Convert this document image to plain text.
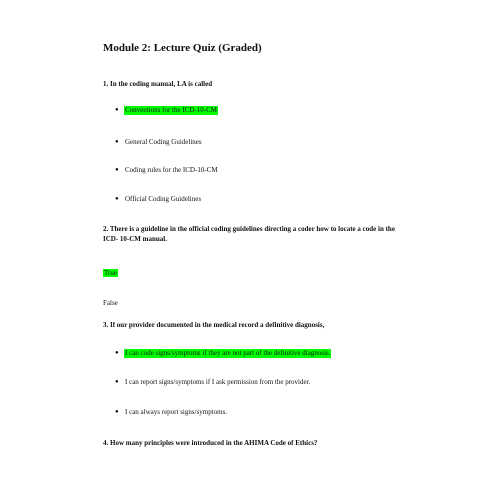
Module 2: Lecture Quiz (Graded)
1. In the coding manual, LA is called
● Conventions for the ICD-10-CM
● General Coding Guidelines
● Coding rules for the ICD-10-CM
● Official Coding Guidelines
2. There is a guideline in the official coding guidelines directing a coder how to locate a code in the ICD- 10-CM manual.
True
False
3. If our provider documented in the medical record a definitive diagnosis,
● I can code signs/symptoms if they are not part of the definitive diagnosis.
● I can report signs/symptoms if I ask permission from the provider.
● I can always report signs/symptoms.
4. How many principles were introduced in the AHIMA Code of Ethics?
